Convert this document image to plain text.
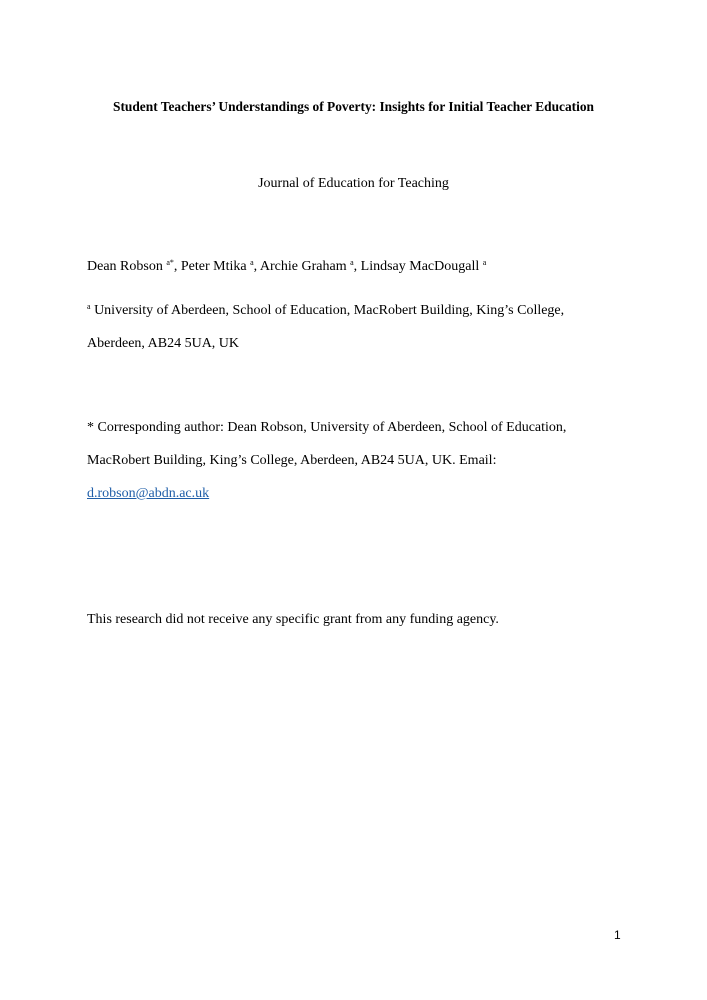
Student Teachers’ Understandings of Poverty: Insights for Initial Teacher Education
Journal of Education for Teaching
Dean Robson $^{a*}$, Peter Mtika $^a$, Archie Graham $^a$, Lindsay MacDougall $^a$
$^a$ University of Aberdeen, School of Education, MacRobert Building, King’s College,
Aberdeen, AB24 5UA, UK
* Corresponding author: Dean Robson, University of Aberdeen, School of Education,
MacRobert Building, King’s College, Aberdeen, AB24 5UA, UK. Email:
d.robson@abdn.ac.uk
This research did not receive any specific grant from any funding agency.
1
